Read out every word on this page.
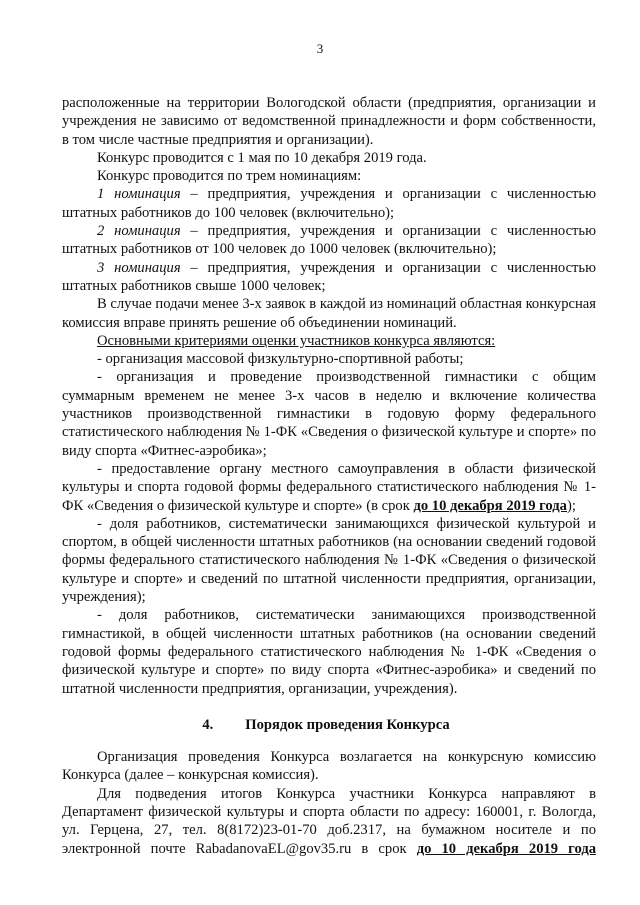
3

расположенные на территории Вологодской области (предприятия, организации и учреждения не зависимо от ведомственной принадлежности и форм собственности, в том числе частные предприятия и организации).

Конкурс проводится с 1 мая по 10 декабря 2019 года.

Конкурс проводится по трем номинациям:

1 номинация – предприятия, учреждения и организации с численностью штатных работников до 100 человек (включительно);

2 номинация – предприятия, учреждения и организации с численностью штатных работников от 100 человек до 1000 человек (включительно);

3 номинация – предприятия, учреждения и организации с численностью штатных работников свыше 1000 человек;

В случае подачи менее 3-х заявок в каждой из номинаций областная конкурсная комиссия вправе принять решение об объединении номинаций.

Основными критериями оценки участников конкурса являются:

- организация массовой физкультурно-спортивной работы;

- организация и проведение производственной гимнастики с общим суммарным временем не менее 3-х часов в неделю и включение количества участников производственной гимнастики в годовую форму федерального статистического наблюдения № 1-ФК «Сведения о физической культуре и спорте» по виду спорта «Фитнес-аэробика»;

- предоставление органу местного самоуправления в области физической культуры и спорта годовой формы федерального статистического наблюдения № 1-ФК «Сведения о физической культуре и спорте» (в срок до 10 декабря 2019 года);

- доля работников, систематически занимающихся физической культурой и спортом, в общей численности штатных работников (на основании сведений годовой формы федерального статистического наблюдения № 1-ФК «Сведения о физической культуре и спорте» и сведений по штатной численности предприятия, организации, учреждения);

- доля работников, систематически занимающихся производственной гимнастикой, в общей численности штатных работников (на основании сведений годовой формы федерального статистического наблюдения № 1-ФК «Сведения о физической культуре и спорте» по виду спорта «Фитнес-аэробика» и сведений по штатной численности предприятия, организации, учреждения).

4. Порядок проведения Конкурса

Организация проведения Конкурса возлагается на конкурсную комиссию Конкурса (далее – конкурсная комиссия).

Для подведения итогов Конкурса участники Конкурса направляют в Департамент физической культуры и спорта области по адресу: 160001, г. Вологда, ул. Герцена, 27, тел. 8(8172)23-01-70 доб.2317, на бумажном носителе и по электронной почте RabadanovaEL@gov35.ru в срок до 10 декабря 2019 года
